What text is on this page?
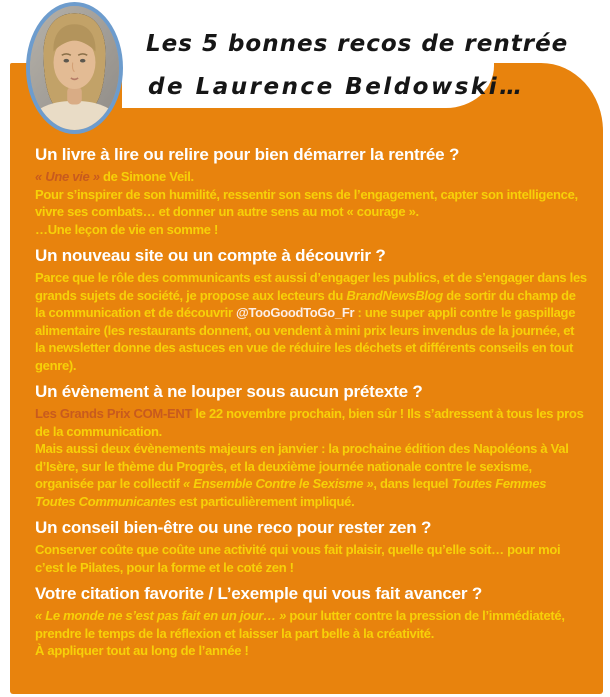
Les 5 bonnes recos de rentrée
de Laurence Beldowski…
Un livre à lire ou relire pour bien démarrer la rentrée ?

« Une vie » de Simone Veil.

Pour s’inspirer de son humilité, ressentir son sens de l’engagement, capter son intelligence, vivre ses combats… et donner un autre sens au mot « courage ».

…Une leçon de vie en somme !

Un nouveau site ou un compte à découvrir ?

Parce que le rôle des communicants est aussi d’engager les publics, et de s’engager dans les grands sujets de société, je propose aux lecteurs du BrandNewsBlog de sortir du champ de la communication et de découvrir @TooGoodToGo_Fr : une super appli contre le gaspillage alimentaire (les restaurants donnent, ou vendent à mini prix leurs invendus de la journée, et la newsletter donne des astuces en vue de réduire les déchets et différents conseils en tout genre).

Un évènement à ne louper sous aucun prétexte ?

Les Grands Prix COM-ENT le 22 novembre prochain, bien sûr ! Ils s’adressent à tous les pros de la communication.

Mais aussi deux évènements majeurs en janvier : la prochaine édition des Napoléons à Val d’Isère, sur le thème du Progrès, et la deuxième journée nationale contre le sexisme, organisée par le collectif « Ensemble Contre le Sexisme », dans lequel Toutes Femmes Toutes Communicantes est particulièrement impliqué.

Un conseil bien-être ou une reco pour rester zen ?

Conserver coûte que coûte une activité qui vous fait plaisir, quelle qu’elle soit… pour moi c’est le Pilates, pour la forme et le coté zen !

Votre citation favorite / L’exemple qui vous fait avancer ?

« Le monde ne s’est pas fait en un jour… » pour lutter contre la pression de l’immédiateté, prendre le temps de la réflexion et laisser la part belle à la créativité.

À appliquer tout au long de l’année !
